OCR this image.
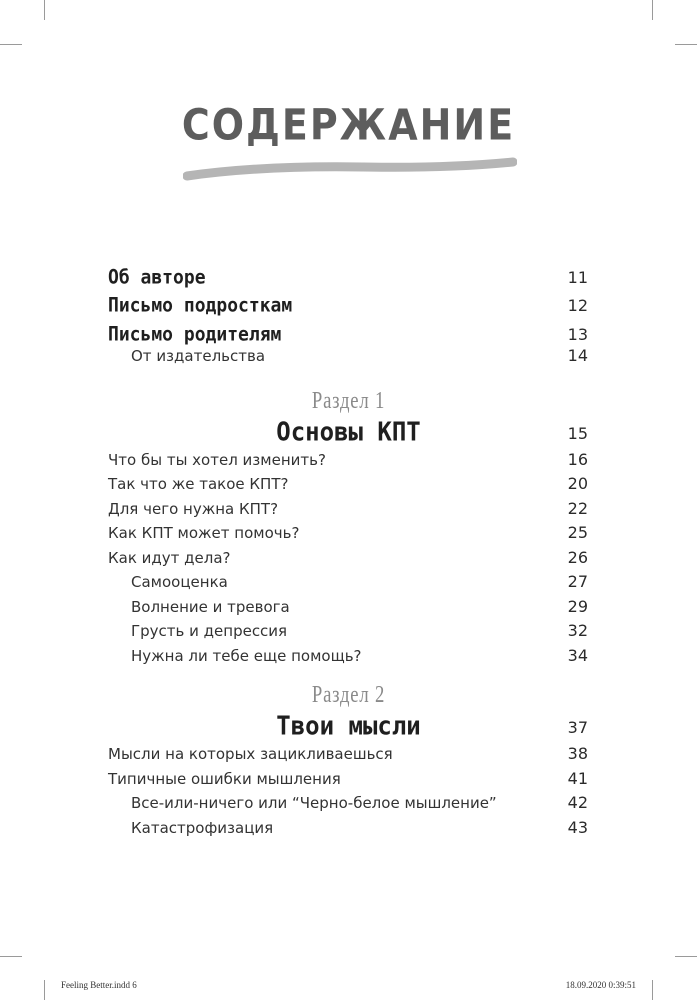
СОДЕРЖАНИЕ
Об авторе	11
Письмо подросткам	12
Письмо родителям	13
От издательства	14
Раздел 1
Основы КПТ	15
Что бы ты хотел изменить?	16
Так что же такое КПТ?	20
Для чего нужна КПТ?	22
Как КПТ может помочь?	25
Как идут дела?	26
Самооценка	27
Волнение и тревога	29
Грусть и депрессия	32
Нужна ли тебе еще помощь?	34
Раздел 2
Твои мысли	37
Мысли на которых зацикливаешься	38
Типичные ошибки мышления	41
Все-или-ничего или “Черно-белое мышление”	42
Катастрофизация	43
Feeling Better.indd 6	18.09.2020 0:39:51
